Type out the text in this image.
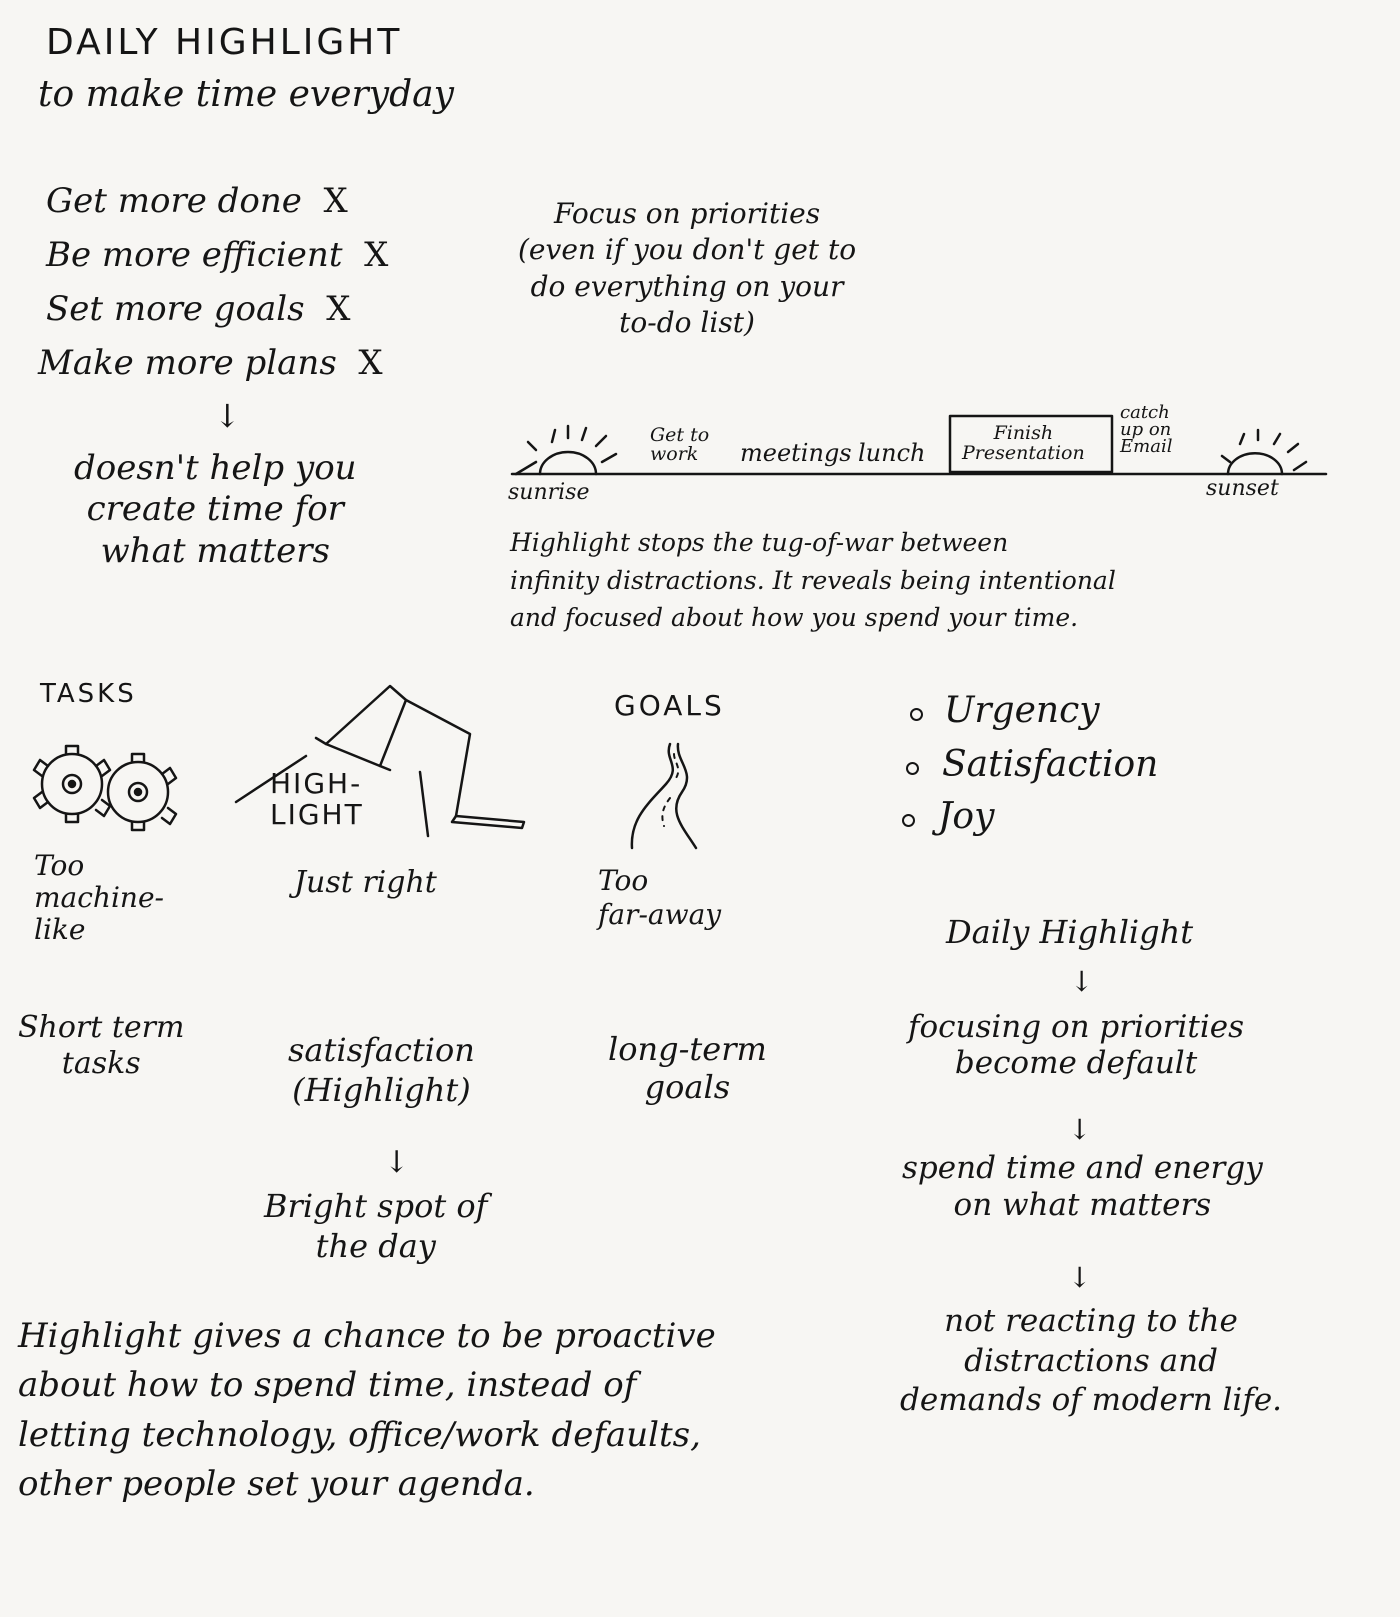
DAILY HIGHLIGHT
to make time everyday
Get more done X
Be more efficient X
Set more goals X
Make more plans X
↓
doesn't help you
create time for
what matters
Focus on priorities
(even if you don't get to
do everything on your
to-do list)
sunrise	sunset
Get to
work	meetings lunch
Finish
Presentation
catch
up on
Email
Highlight stops the tug-of-war between
infinity distractions. It reveals being intentional
and focused about how you spend your time.
TASKS
Too
machine-
like
Short term
tasks
HIGH-
LIGHT
Just right
satisfaction
(Highlight)
↓
Bright spot of
the day
GOALS
Too
far-away
long-term
goals
Urgency
Satisfaction
Joy
Daily Highlight
↓
focusing on priorities
become default
↓
spend time and energy
on what matters
↓
not reacting to the
distractions and
demands of modern life.
Highlight gives a chance to be proactive
about how to spend time, instead of
letting technology, office/work defaults,
other people set your agenda.
